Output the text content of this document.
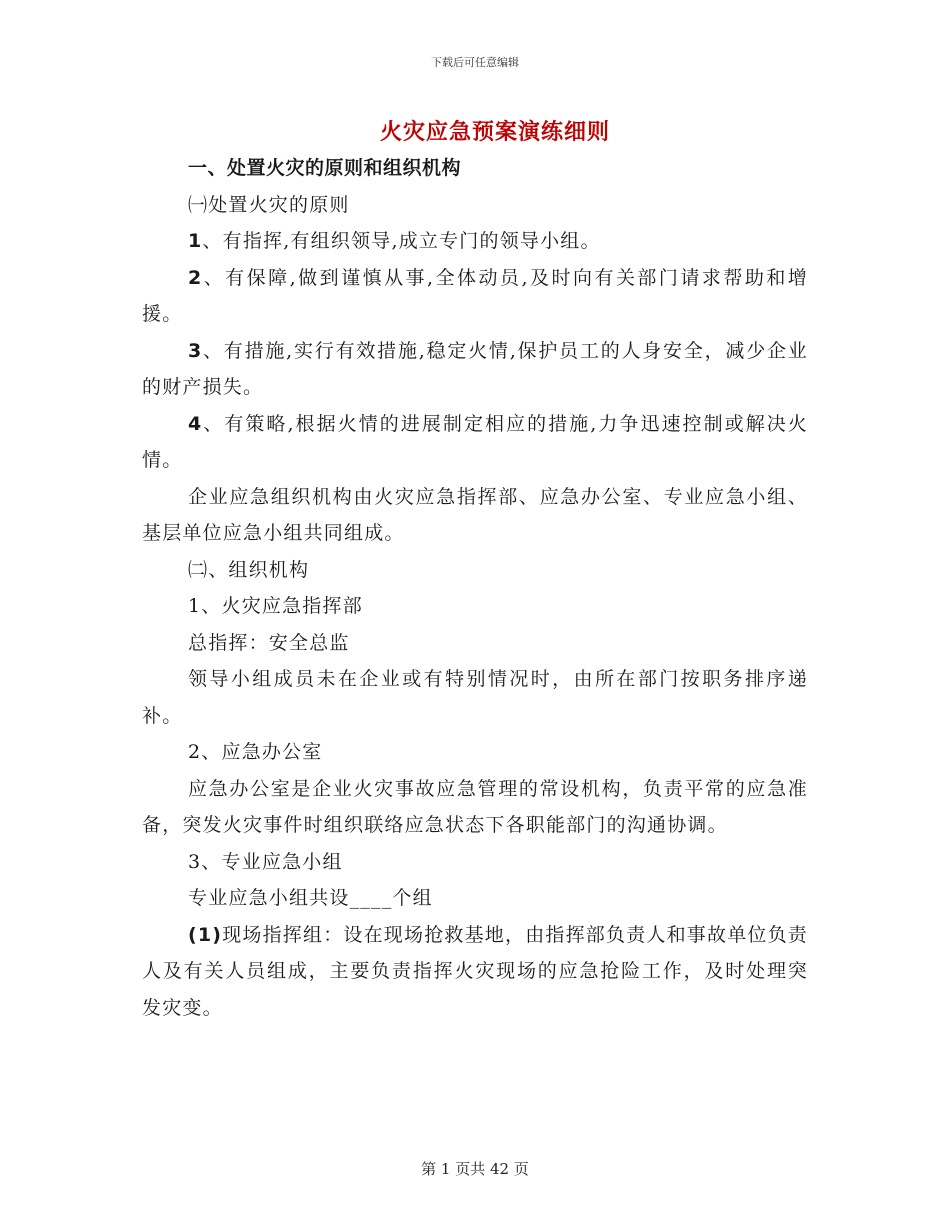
下载后可任意编辑
火灾应急预案演练细则
一、处置火灾的原则和组织机构

㈠处置火灾的原则

1、有指挥,有组织领导,成立专门的领导小组。

2、有保障,做到谨慎从事,全体动员,及时向有关部门请求帮助和增援。

3、有措施,实行有效措施,稳定火情,保护员工的人身安全，减少企业的财产损失。

4、有策略,根据火情的进展制定相应的措施,力争迅速控制或解决火情。

企业应急组织机构由火灾应急指挥部、应急办公室、专业应急小组、基层单位应急小组共同组成。

㈡、组织机构

1、火灾应急指挥部

总指挥：安全总监

领导小组成员未在企业或有特别情况时，由所在部门按职务排序递补。

2、应急办公室

应急办公室是企业火灾事故应急管理的常设机构，负责平常的应急准备，突发火灾事件时组织联络应急状态下各职能部门的沟通协调。

3、专业应急小组

专业应急小组共设____个组

(1)现场指挥组：设在现场抢救基地，由指挥部负责人和事故单位负责人及有关人员组成，主要负责指挥火灾现场的应急抢险工作，及时处理突发灾变。

第 1 页共 42 页
